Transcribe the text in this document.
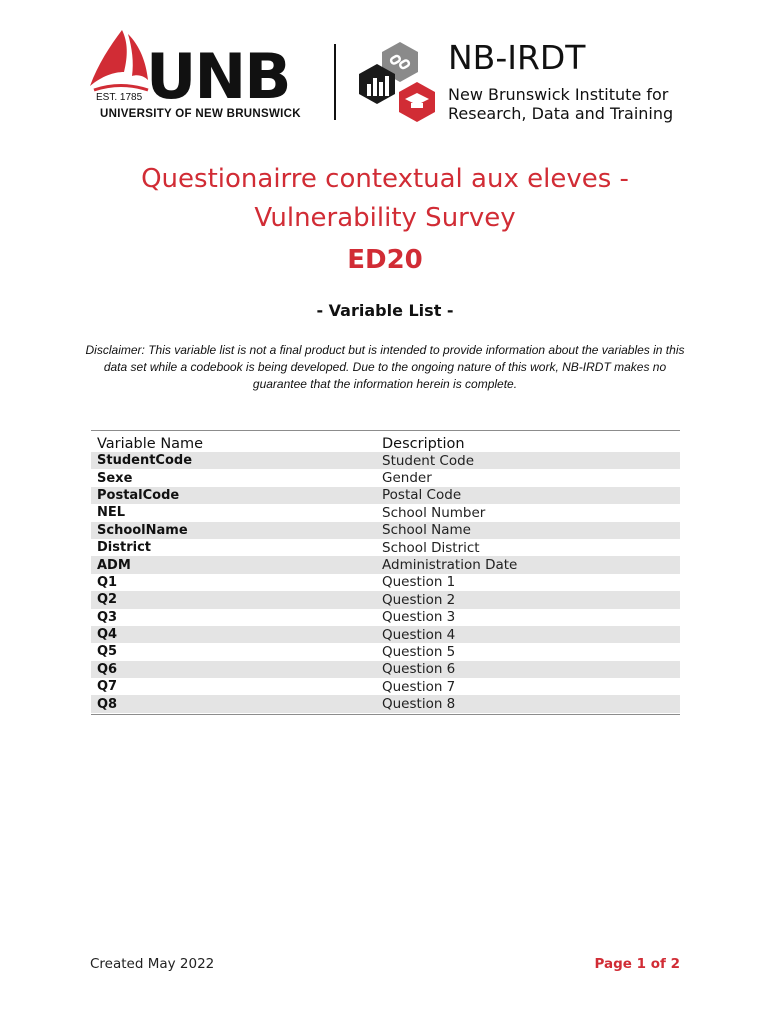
UNB
EST. 1785
UNIVERSITY OF NEW BRUNSWICK
NB-IRDT
New Brunswick Institute for
Research, Data and Training
Questionairre contextual aux eleves -
Vulnerability Survey
ED20
- Variable List -
Disclaimer: This variable list is not a final product but is intended to provide information about the variables in this data set while a codebook is being developed. Due to the ongoing nature of this work, NB-IRDT makes no guarantee that the information herein is complete.
Variable Name	Description
StudentCode	Student Code
Sexe	Gender
PostalCode	Postal Code
NEL	School Number
SchoolName	School Name
District	School District
ADM	Administration Date
Q1	Question 1
Q2	Question 2
Q3	Question 3
Q4	Question 4
Q5	Question 5
Q6	Question 6
Q7	Question 7
Q8	Question 8
Created May 2022	Page 1 of 2
